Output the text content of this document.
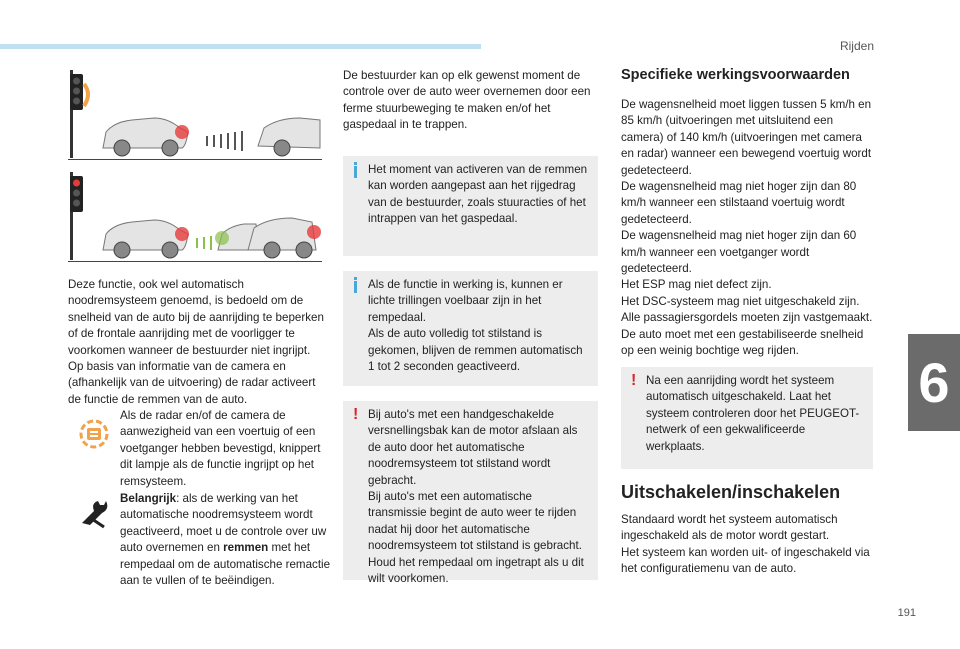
Rijden
6
191

Deze functie, ook wel automatisch noodremsysteem genoemd, is bedoeld om de snelheid van de auto bij de aanrijding te beperken of de frontale aanrijding met de voorligger te voorkomen wanneer de bestuurder niet ingrijpt.

Op basis van informatie van de camera en (afhankelijk van de uitvoering) de radar activeert de functie de remmen van de auto.

Als de radar en/of de camera de aanwezigheid van een voertuig of een voetganger hebben bevestigd, knippert dit lampje als de functie ingrijpt op het remsysteem.

Belangrijk: als de werking van het automatische noodremsysteem wordt geactiveerd, moet u de controle over uw auto overnemen en remmen met het rempedaal om de automatische remactie aan te vullen of te beëindigen.

De bestuurder kan op elk gewenst moment de controle over de auto weer overnemen door een ferme stuurbeweging te maken en/of het gaspedaal in te trappen.

Het moment van activeren van de remmen kan worden aangepast aan het rijgedrag van de bestuurder, zoals stuuracties of het intrappen van het gaspedaal.

Als de functie in werking is, kunnen er lichte trillingen voelbaar zijn in het rempedaal.

Als de auto volledig tot stilstand is gekomen, blijven de remmen automatisch 1 tot 2 seconden geactiveerd.

! Bij auto's met een handgeschakelde versnellingsbak kan de motor afslaan als de auto door het automatische noodremsysteem tot stilstand wordt gebracht.

Bij auto's met een automatische transmissie begint de auto weer te rijden nadat hij door het automatische noodremsysteem tot stilstand is gebracht. Houd het rempedaal om ingetrapt als u dit wilt voorkomen.

Specifieke werkingsvoorwaarden

De wagensnelheid moet liggen tussen 5 km/h en 85 km/h (uitvoeringen met uitsluitend een camera) of 140 km/h (uitvoeringen met camera en radar) wanneer een bewegend voertuig wordt gedetecteerd.

De wagensnelheid mag niet hoger zijn dan 80 km/h wanneer een stilstaand voertuig wordt gedetecteerd.

De wagensnelheid mag niet hoger zijn dan 60 km/h wanneer een voetganger wordt gedetecteerd.

Het ESP mag niet defect zijn.

Het DSC-systeem mag niet uitgeschakeld zijn.

Alle passagiersgordels moeten zijn vastgemaakt.

De auto moet met een gestabiliseerde snelheid op een weinig bochtige weg rijden.

! Na een aanrijding wordt het systeem automatisch uitgeschakeld. Laat het systeem controleren door het PEUGEOT-netwerk of een gekwalificeerde werkplaats.

Uitschakelen/inschakelen

Standaard wordt het systeem automatisch ingeschakeld als de motor wordt gestart.

Het systeem kan worden uit- of ingeschakeld via het configuratiemenu van de auto.
